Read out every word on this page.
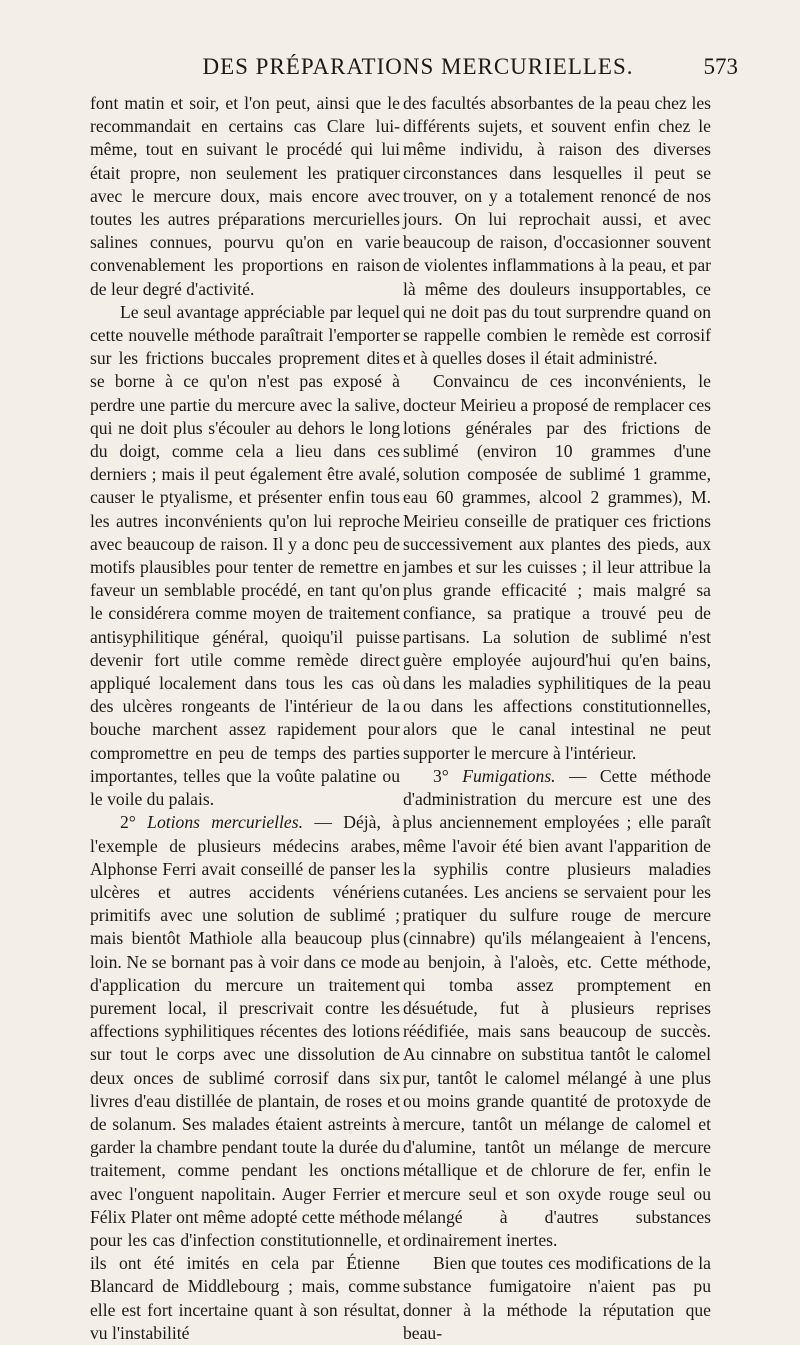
DES PRÉPARATIONS MERCURIELLES.	573

font matin et soir, et l'on peut, ainsi que le recommandait en certains cas Clare lui-même, tout en suivant le procédé qui lui était propre, non seulement les pratiquer avec le mercure doux, mais encore avec toutes les autres préparations mercurielles salines connues, pourvu qu'on en varie convenablement les proportions en raison de leur degré d'activité.

Le seul avantage appréciable par lequel cette nouvelle méthode paraîtrait l'emporter sur les frictions buccales proprement dites se borne à ce qu'on n'est pas exposé à perdre une partie du mercure avec la salive, qui ne doit plus s'écouler au dehors le long du doigt, comme cela a lieu dans ces derniers ; mais il peut également être avalé, causer le ptyalisme, et présenter enfin tous les autres inconvénients qu'on lui reproche avec beaucoup de raison. Il y a donc peu de motifs plausibles pour tenter de remettre en faveur un semblable procédé, en tant qu'on le considérera comme moyen de traitement antisyphilitique général, quoiqu'il puisse devenir fort utile comme remède direct appliqué localement dans tous les cas où des ulcères rongeants de l'intérieur de la bouche marchent assez rapidement pour compromettre en peu de temps des parties importantes, telles que la voûte palatine ou le voile du palais.

2° Lotions mercurielles. — Déjà, à l'exemple de plusieurs médecins arabes, Alphonse Ferri avait conseillé de panser les ulcères et autres accidents vénériens primitifs avec une solution de sublimé ; mais bientôt Mathiole alla beaucoup plus loin. Ne se bornant pas à voir dans ce mode d'application du mercure un traitement purement local, il prescrivait contre les affections syphilitiques récentes des lotions sur tout le corps avec une dissolution de deux onces de sublimé corrosif dans six livres d'eau distillée de plantain, de roses et de solanum. Ses malades étaient astreints à garder la chambre pendant toute la durée du traitement, comme pendant les onctions avec l'onguent napolitain. Auger Ferrier et Félix Plater ont même adopté cette méthode pour les cas d'infection constitutionnelle, et ils ont été imités en cela par Étienne Blancard de Middlebourg ; mais, comme elle est fort incertaine quant à son résultat, vu l'instabilité

des facultés absorbantes de la peau chez les différents sujets, et souvent enfin chez le même individu, à raison des diverses circonstances dans lesquelles il peut se trouver, on y a totalement renoncé de nos jours. On lui reprochait aussi, et avec beaucoup de raison, d'occasionner souvent de violentes inflammations à la peau, et par là même des douleurs insupportables, ce qui ne doit pas du tout surprendre quand on se rappelle combien le remède est corrosif et à quelles doses il était administré.

Convaincu de ces inconvénients, le docteur Meirieu a proposé de remplacer ces lotions générales par des frictions de sublimé (environ 10 grammes d'une solution composée de sublimé 1 gramme, eau 60 grammes, alcool 2 grammes), M. Meirieu conseille de pratiquer ces frictions successivement aux plantes des pieds, aux jambes et sur les cuisses ; il leur attribue la plus grande efficacité ; mais malgré sa confiance, sa pratique a trouvé peu de partisans. La solution de sublimé n'est guère employée aujourd'hui qu'en bains, dans les maladies syphilitiques de la peau ou dans les affections constitutionnelles, alors que le canal intestinal ne peut supporter le mercure à l'intérieur.

3° Fumigations. — Cette méthode d'administration du mercure est une des plus anciennement employées ; elle paraît même l'avoir été bien avant l'apparition de la syphilis contre plusieurs maladies cutanées. Les anciens se servaient pour les pratiquer du sulfure rouge de mercure (cinnabre) qu'ils mélangeaient à l'encens, au benjoin, à l'aloès, etc. Cette méthode, qui tomba assez promptement en désuétude, fut à plusieurs reprises réédifiée, mais sans beaucoup de succès. Au cinnabre on substitua tantôt le calomel pur, tantôt le calomel mélangé à une plus ou moins grande quantité de protoxyde de mercure, tantôt un mélange de calomel et d'alumine, tantôt un mélange de mercure métallique et de chlorure de fer, enfin le mercure seul et son oxyde rouge seul ou mélangé à d'autres substances ordinairement inertes.

Bien que toutes ces modifications de la substance fumigatoire n'aient pas pu donner à la méthode la réputation que beau-
